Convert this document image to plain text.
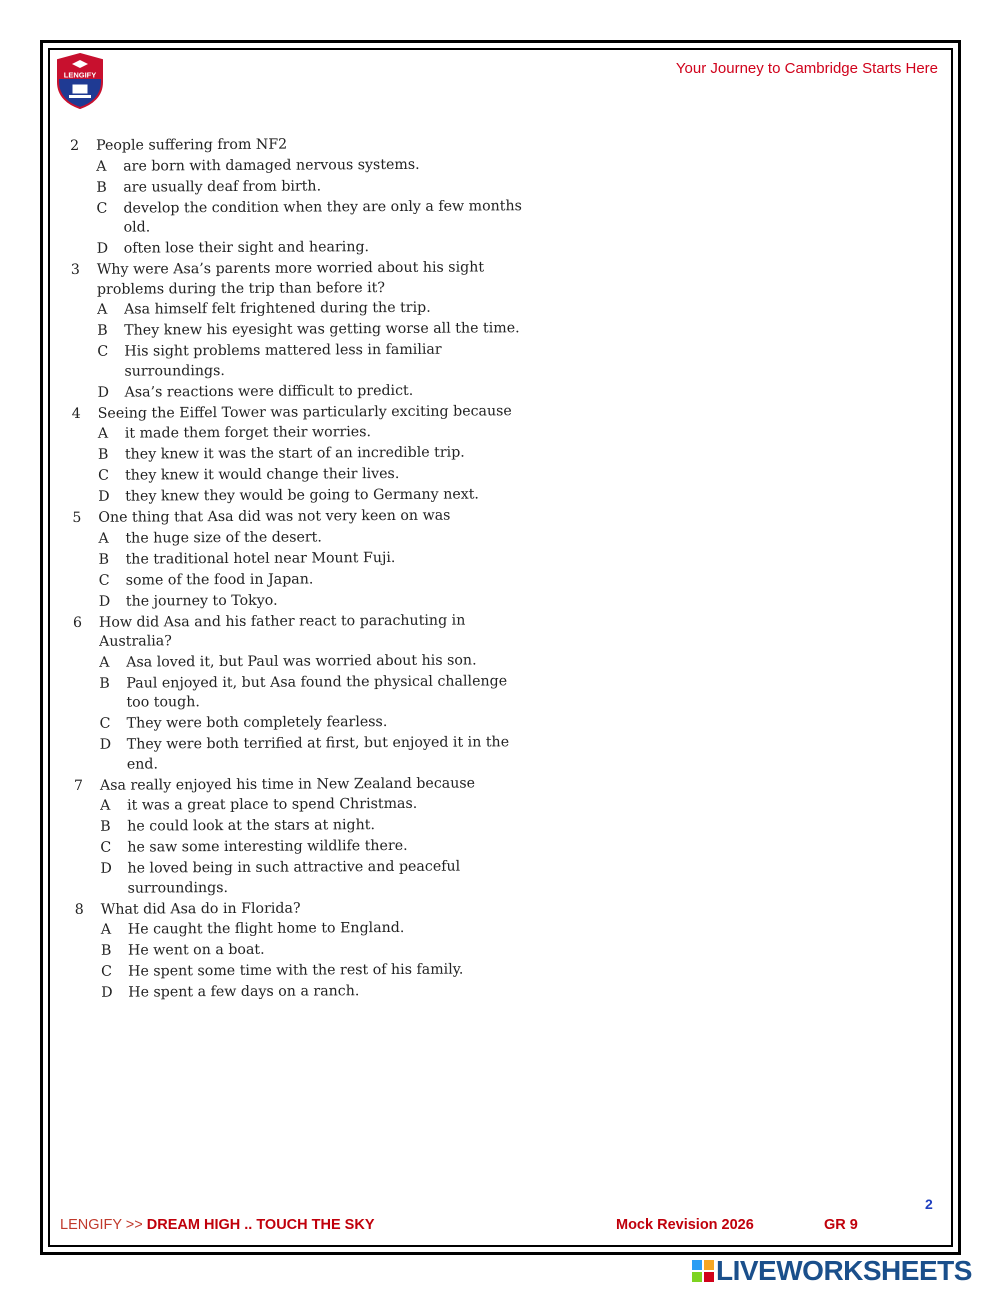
LENGIFY	Your Journey to Cambridge Starts Here
2 People suffering from NF2
A are born with damaged nervous systems.
B are usually deaf from birth.
C develop the condition when they are only a few months old.
D often lose their sight and hearing.
3 Why were Asa’s parents more worried about his sight problems during the trip than before it?
A Asa himself felt frightened during the trip.
B They knew his eyesight was getting worse all the time.
C His sight problems mattered less in familiar surroundings.
D Asa’s reactions were difficult to predict.
4 Seeing the Eiffel Tower was particularly exciting because
A it made them forget their worries.
B they knew it was the start of an incredible trip.
C they knew it would change their lives.
D they knew they would be going to Germany next.
5 One thing that Asa did was not very keen on was
A the huge size of the desert.
B the traditional hotel near Mount Fuji.
C some of the food in Japan.
D the journey to Tokyo.
6 How did Asa and his father react to parachuting in Australia?
A Asa loved it, but Paul was worried about his son.
B Paul enjoyed it, but Asa found the physical challenge too tough.
C They were both completely fearless.
D They were both terrified at first, but enjoyed it in the end.
7 Asa really enjoyed his time in New Zealand because
A it was a great place to spend Christmas.
B he could look at the stars at night.
C he saw some interesting wildlife there.
D he loved being in such attractive and peaceful surroundings.
8 What did Asa do in Florida?
A He caught the flight home to England.
B He went on a boat.
C He spent some time with the rest of his family.
D He spent a few days on a ranch.
2
LENGIFY >> DREAM HIGH .. TOUCH THE SKY	Mock Revision 2026	GR 9
LIVEWORKSHEETS
